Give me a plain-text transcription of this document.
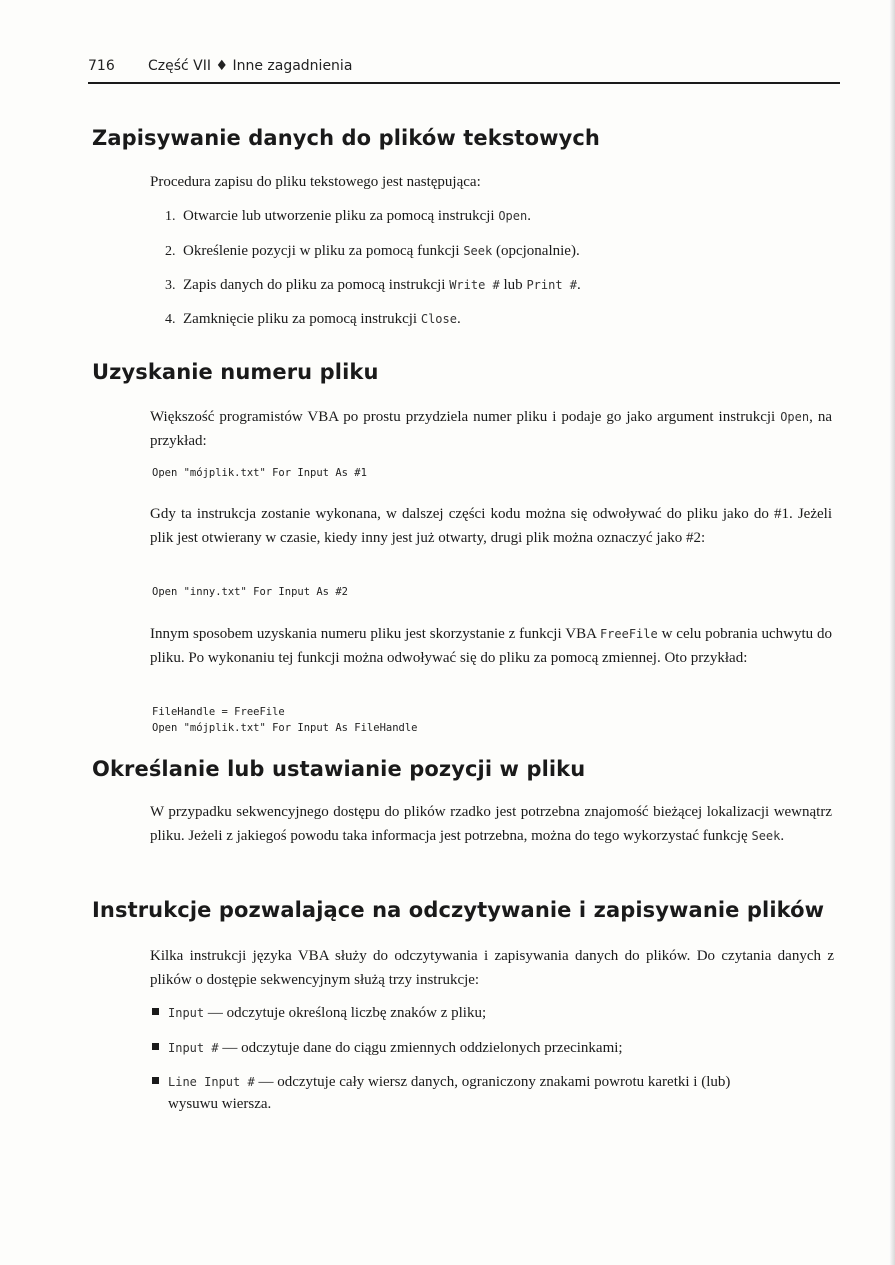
716 Część VII ♦ Inne zagadnienia
Zapisywanie danych do plików tekstowych

Procedura zapisu do pliku tekstowego jest następująca:

1. Otwarcie lub utworzenie pliku za pomocą instrukcji Open.

2. Określenie pozycji w pliku za pomocą funkcji Seek (opcjonalnie).

3. Zapis danych do pliku za pomocą instrukcji Write # lub Print #.

4. Zamknięcie pliku za pomocą instrukcji Close.

Uzyskanie numeru pliku

Większość programistów VBA po prostu przydziela numer pliku i podaje go jako argument instrukcji Open, na przykład:

Open "mójplik.txt" For Input As #1

Gdy ta instrukcja zostanie wykonana, w dalszej części kodu można się odwoływać do pliku jako do #1. Jeżeli plik jest otwierany w czasie, kiedy inny jest już otwarty, drugi plik można oznaczyć jako #2:

Open "inny.txt" For Input As #2

Innym sposobem uzyskania numeru pliku jest skorzystanie z funkcji VBA FreeFile w celu pobrania uchwytu do pliku. Po wykonaniu tej funkcji można odwoływać się do pliku za pomocą zmiennej. Oto przykład:

FileHandle = FreeFile
Open "mójplik.txt" For Input As FileHandle
Określanie lub ustawianie pozycji w pliku

W przypadku sekwencyjnego dostępu do plików rzadko jest potrzebna znajomość bieżącej lokalizacji wewnątrz pliku. Jeżeli z jakiegoś powodu taka informacja jest potrzebna, można do tego wykorzystać funkcję Seek.

Instrukcje pozwalające na odczytywanie i zapisywanie plików

Kilka instrukcji języka VBA służy do odczytywania i zapisywania danych do plików. Do czytania danych z plików o dostępie sekwencyjnym służą trzy instrukcje:

Input — odczytuje określoną liczbę znaków z pliku;

Input # — odczytuje dane do ciągu zmiennych oddzielonych przecinkami;

Line Input # — odczytuje cały wiersz danych, ograniczony znakami powrotu karetki i (lub) wysuwu wiersza.
